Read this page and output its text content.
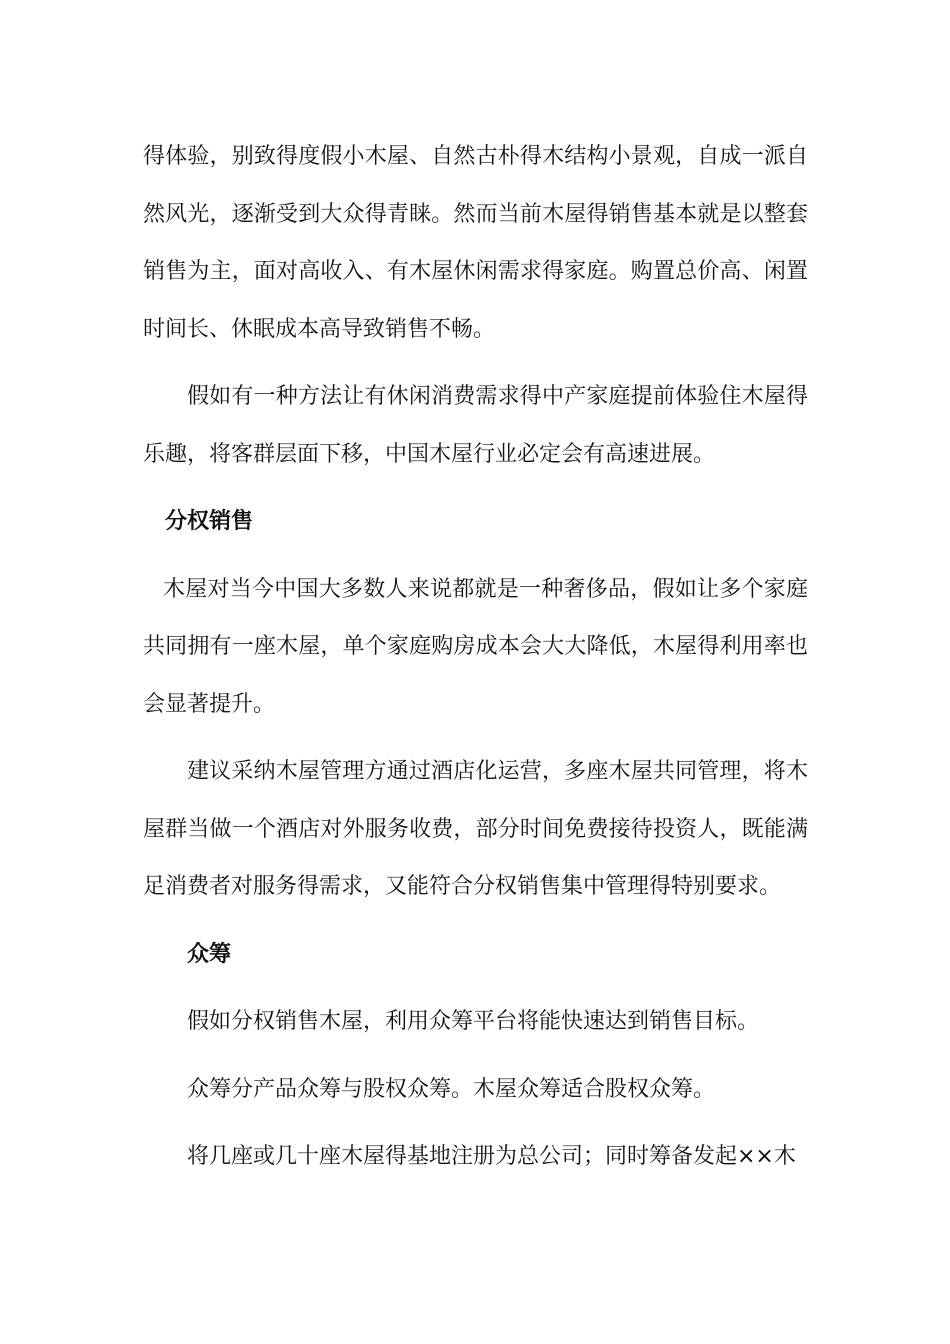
得体验，别致得度假小木屋、自然古朴得木结构小景观，自成一派自然风光，逐渐受到大众得青睐。然而当前木屋得销售基本就是以整套销售为主，面对高收入、有木屋休闲需求得家庭。购置总价高、闲置时间长、休眠成本高导致销售不畅。

假如有一种方法让有休闲消费需求得中产家庭提前体验住木屋得乐趣，将客群层面下移，中国木屋行业必定会有高速进展。

分权销售

木屋对当今中国大多数人来说都就是一种奢侈品，假如让多个家庭共同拥有一座木屋，单个家庭购房成本会大大降低，木屋得利用率也会显著提升。

建议采纳木屋管理方通过酒店化运营，多座木屋共同管理，将木屋群当做一个酒店对外服务收费，部分时间免费接待投资人，既能满足消费者对服务得需求，又能符合分权销售集中管理得特别要求。

众筹

假如分权销售木屋，利用众筹平台将能快速达到销售目标。

众筹分产品众筹与股权众筹。木屋众筹适合股权众筹。

将几座或几十座木屋得基地注册为总公司；同时筹备发起××木
